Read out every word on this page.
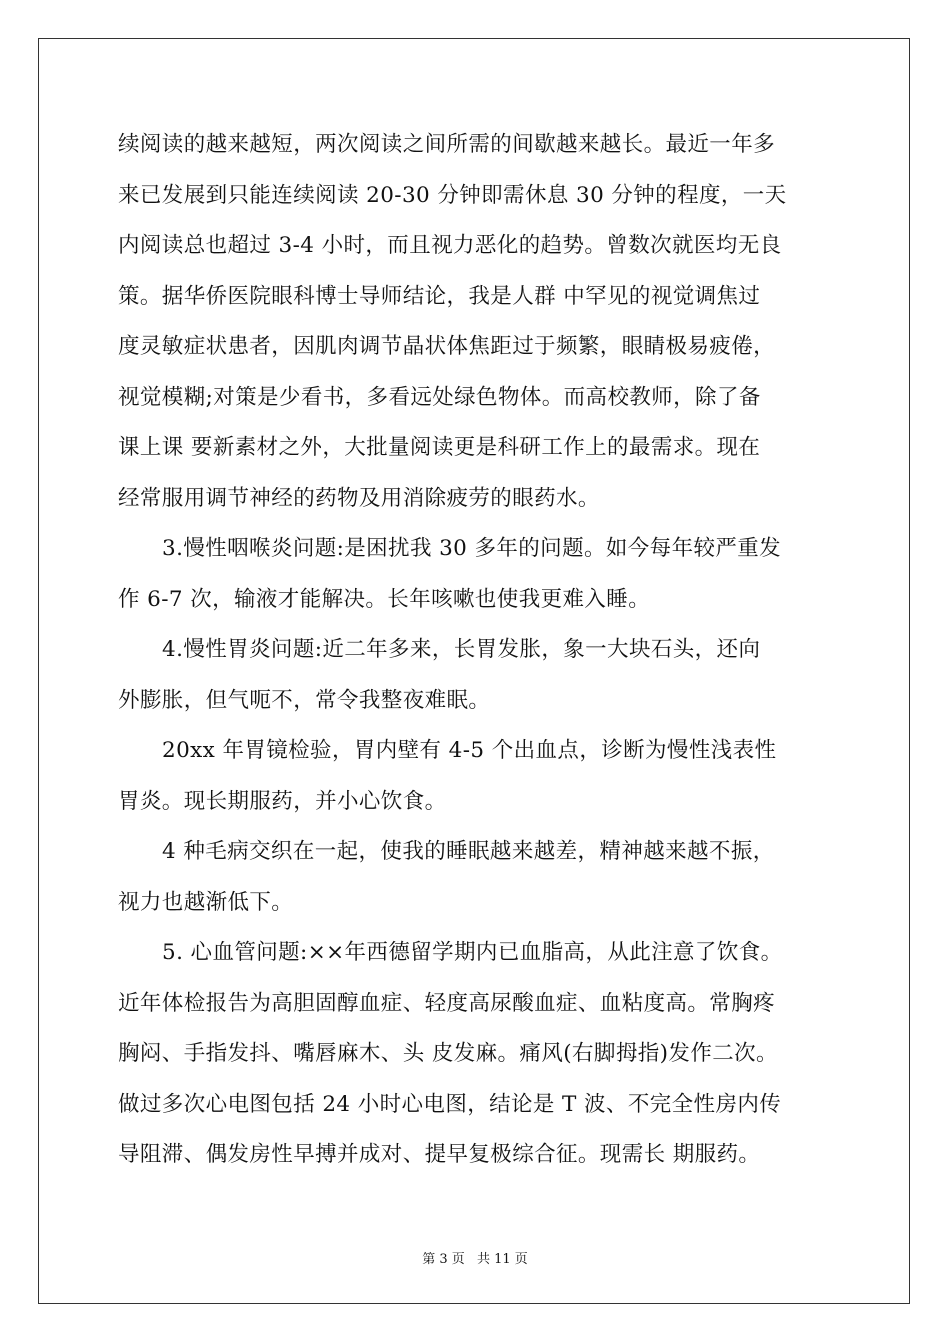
续阅读的越来越短，两次阅读之间所需的间歇越来越长。最近一年多
来已发展到只能连续阅读 20-30 分钟即需休息 30 分钟的程度，一天
内阅读总也超过 3-4 小时，而且视力恶化的趋势。曾数次就医均无良
策。据华侨医院眼科博士导师结论，我是人群 中罕见的视觉调焦过
度灵敏症状患者，因肌肉调节晶状体焦距过于频繁，眼睛极易疲倦，
视觉模糊;对策是少看书，多看远处绿色物体。而高校教师，除了备
课上课 要新素材之外，大批量阅读更是科研工作上的最需求。现在
经常服用调节神经的药物及用消除疲劳的眼药水。
3.慢性咽喉炎问题:是困扰我 30 多年的问题。如今每年较严重发
作 6-7 次，输液才能解决。长年咳嗽也使我更难入睡。
4.慢性胃炎问题:近二年多来，长胃发胀，象一大块石头，还向
外膨胀，但气呃不，常令我整夜难眠。
20xx 年胃镜检验，胃内壁有 4-5 个出血点，诊断为慢性浅表性
胃炎。现长期服药，并小心饮食。
4 种毛病交织在一起，使我的睡眠越来越差，精神越来越不振，
视力也越渐低下。
5. 心血管问题:××年西德留学期内已血脂高，从此注意了饮食。
近年体检报告为高胆固醇血症、轻度高尿酸血症、血粘度高。常胸疼
胸闷、手指发抖、嘴唇麻木、头 皮发麻。痛风(右脚拇指)发作二次。
做过多次心电图包括 24 小时心电图，结论是 T 波、不完全性房内传
导阻滞、偶发房性早搏并成对、提早复极综合征。现需长 期服药。
第 3 页 共 11 页
